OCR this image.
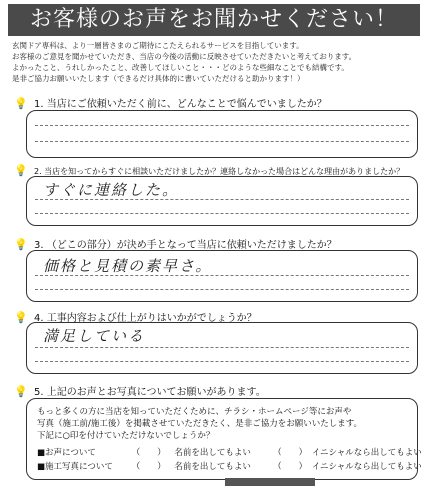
お客様のお声をお聞かせください！
玄関ドア専科は、より一層皆さまのご期待にこたえられるサービスを目指しています。
お客様のご意見を聞かせていただき、当店の今後の活動に反映させていただきたいと考えております。
よかったこと、うれしかったこと、改善してほしいこと・・・どのような些細なことでも結構です。
是非ご協力お願いいたします（できるだけ具体的に書いていただけると助かります！）
💡 1. 当店にご依頼いただく前に、どんなことで悩んでいましたか？
💡 2. 当店を知ってからすぐに相談いただけましたか？連絡しなかった場合はどんな理由がありましたか？
すぐに連絡した。
💡 3. （どこの部分）が決め手となって当店に依頼いただけましたか？
価格と見積の素早さ。
💡 4. 工事内容および仕上がりはいかがでしょうか？
満足している
💡 5. 上記のお声とお写真についてお願いがあります。
もっと多くの方に当店を知っていただくために、チラシ・ホームページ等にお声や
写真（施工前/施工後）を掲載させていただきたく、是非ご協力をお願いいたします。
下記に○印を付けていただけないでしょうか？
■お声について	（　　） 名前を出してもよい	（　　） イニシャルなら出してもよい
■施工写真について （　　） 名前を出してもよい	（　　） イニシャルなら出してもよい
